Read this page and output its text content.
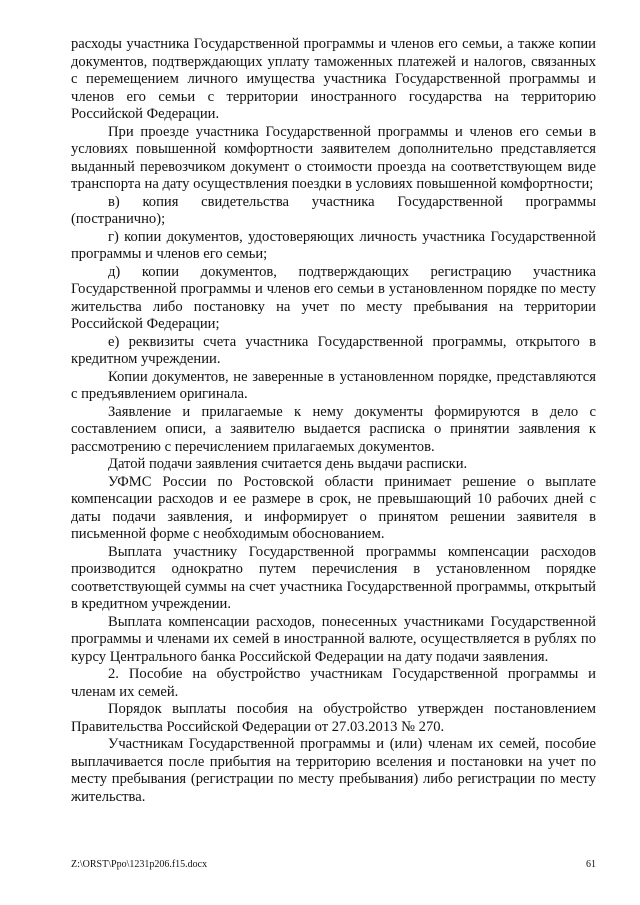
расходы участника Государственной программы и членов его семьи, а также копии документов, подтверждающих уплату таможенных платежей и налогов, связанных с перемещением личного имущества участника Государственной программы и членов его семьи с территории иностранного государства на территорию Российской Федерации.

При проезде участника Государственной программы и членов его семьи в условиях повышенной комфортности заявителем дополнительно представляется выданный перевозчиком документ о стоимости проезда на соответствующем виде транспорта на дату осуществления поездки в условиях повышенной комфортности;

в) копия свидетельства участника Государственной программы (постранично);

г) копии документов, удостоверяющих личность участника Государственной программы и членов его семьи;

д) копии документов, подтверждающих регистрацию участника Государственной программы и членов его семьи в установленном порядке по месту жительства либо постановку на учет по месту пребывания на территории Российской Федерации;

е) реквизиты счета участника Государственной программы, открытого в кредитном учреждении.

Копии документов, не заверенные в установленном порядке, представляются с предъявлением оригинала.

Заявление и прилагаемые к нему документы формируются в дело с составлением описи, а заявителю выдается расписка о принятии заявления к рассмотрению с перечислением прилагаемых документов.

Датой подачи заявления считается день выдачи расписки.

УФМС России по Ростовской области принимает решение о выплате компенсации расходов и ее размере в срок, не превышающий 10 рабочих дней с даты подачи заявления, и информирует о принятом решении заявителя в письменной форме с необходимым обоснованием.

Выплата участнику Государственной программы компенсации расходов производится однократно путем перечисления в установленном порядке соответствующей суммы на счет участника Государственной программы, открытый в кредитном учреждении.

Выплата компенсации расходов, понесенных участниками Государственной программы и членами их семей в иностранной валюте, осуществляется в рублях по курсу Центрального банка Российской Федерации на дату подачи заявления.

2. Пособие на обустройство участникам Государственной программы и членам их семей.

Порядок выплаты пособия на обустройство утвержден постановлением Правительства Российской Федерации от 27.03.2013 № 270.

Участникам Государственной программы и (или) членам их семей, пособие выплачивается после прибытия на территорию вселения и постановки на учет по месту пребывания (регистрации по месту пребывания) либо регистрации по месту жительства.

Z:\ORST\Ppo\1231p206.f15.docx	61
